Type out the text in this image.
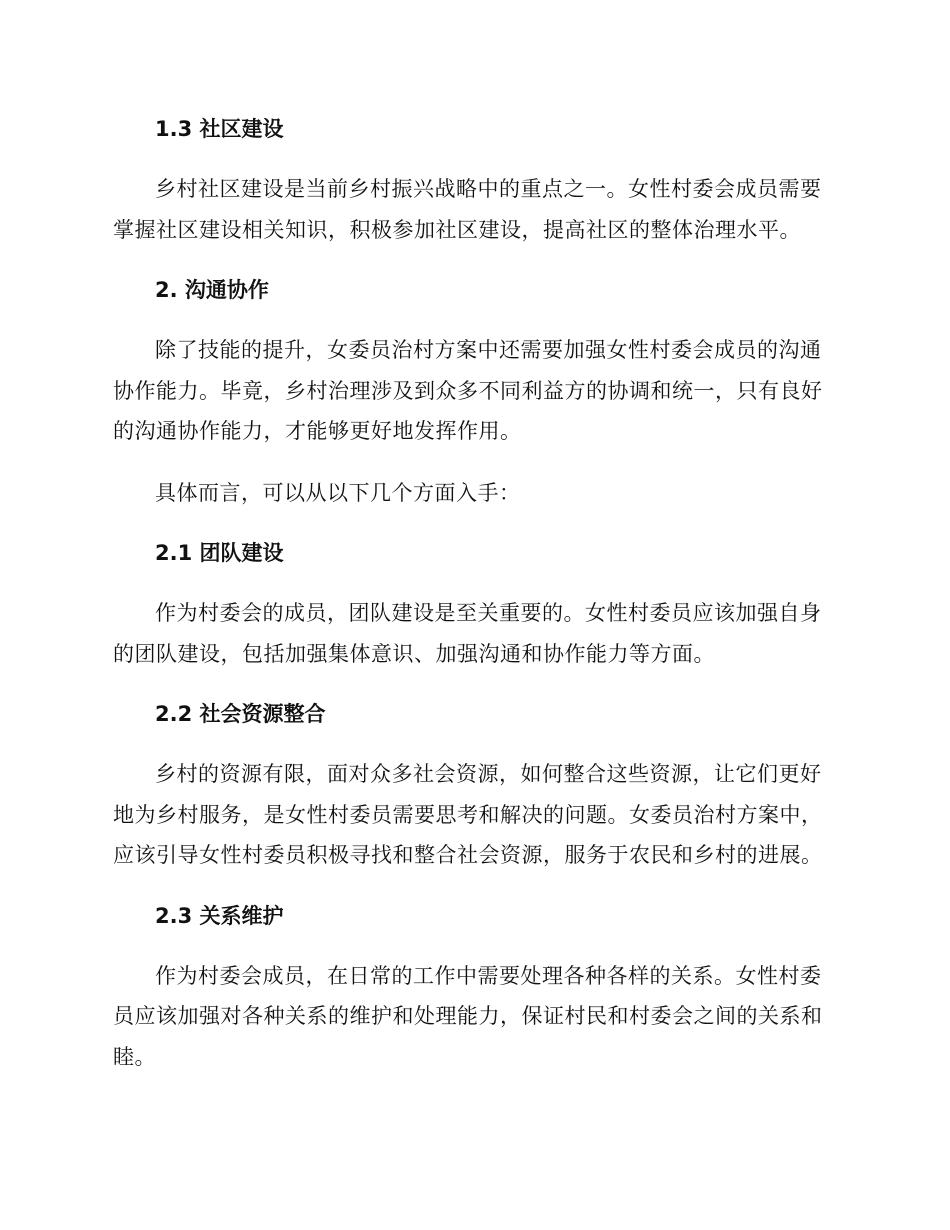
1.3 社区建设
乡村社区建设是当前乡村振兴战略中的重点之一。女性村委会成员需要
掌握社区建设相关知识，积极参加社区建设，提高社区的整体治理水平。
2. 沟通协作
除了技能的提升，女委员治村方案中还需要加强女性村委会成员的沟通
协作能力。毕竟，乡村治理涉及到众多不同利益方的协调和统一，只有良好
的沟通协作能力，才能够更好地发挥作用。
具体而言，可以从以下几个方面入手：
2.1 团队建设
作为村委会的成员，团队建设是至关重要的。女性村委员应该加强自身
的团队建设，包括加强集体意识、加强沟通和协作能力等方面。
2.2 社会资源整合
乡村的资源有限，面对众多社会资源，如何整合这些资源，让它们更好
地为乡村服务，是女性村委员需要思考和解决的问题。女委员治村方案中，
应该引导女性村委员积极寻找和整合社会资源，服务于农民和乡村的进展。
2.3 关系维护
作为村委会成员，在日常的工作中需要处理各种各样的关系。女性村委
员应该加强对各种关系的维护和处理能力，保证村民和村委会之间的关系和
睦。
